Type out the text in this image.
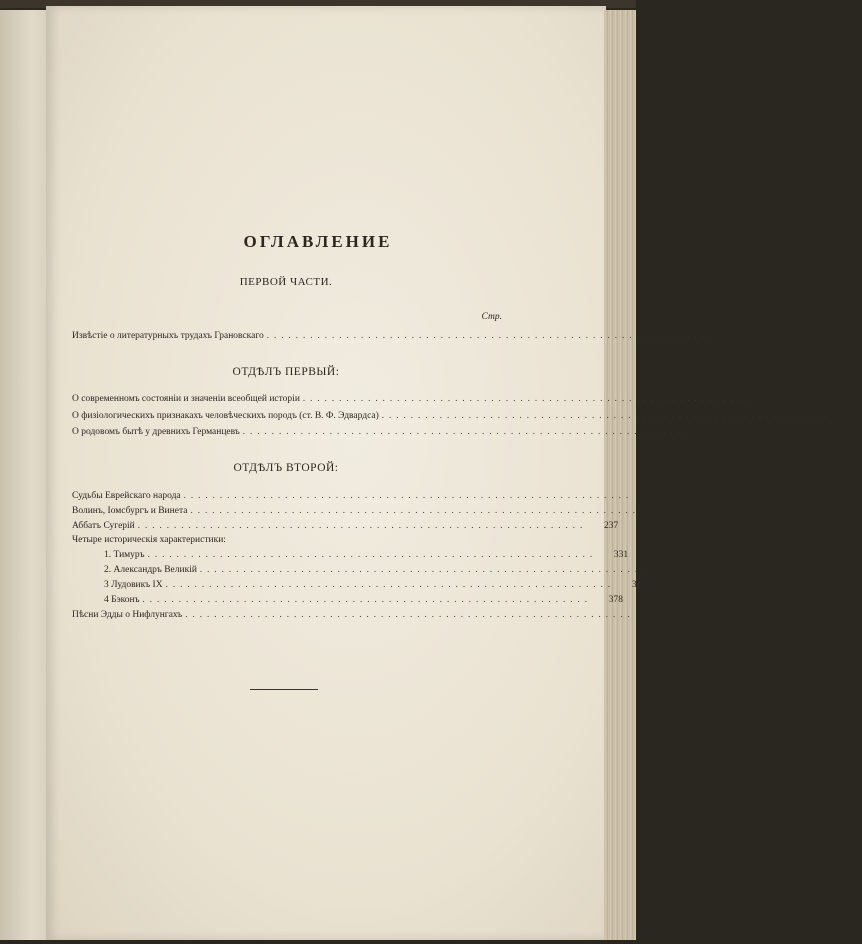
ОГЛАВЛЕНИЕ
ПЕРВОЙ ЧАСТИ.
Стр.
Извѣстіе о литературныхъ трудахъ Грановскаго ..............................................................	5
ОТДѢЛЪ ПЕРВЫЙ:
О современномъ состояніи и значеніи всеобщей исторіи ..............................................................	25
О физіологическихъ признакахъ человѣческихъ породъ (ст. В. Ф. Эдвардса) ..............................................................	48
О родовомъ бытѣ у древнихъ Германцевъ ..............................................................	129
ОТДѢЛЪ ВТОРОЙ:
Судьбы Еврейскаго народа ..............................................................	155
Волинъ, Іомсбургъ и Винета ..............................................................	187
Аббатъ Сугерій ..............................................................	237
Четыре историческія характеристики:
1. Тимуръ ..............................................................	331
2. Александръ Великій ..............................................................	343
3 Лудовикъ IX ..............................................................	362
4 Бэконъ ..............................................................	378
Пѣсни Эдды о Нифлунгахъ ..............................................................	393
